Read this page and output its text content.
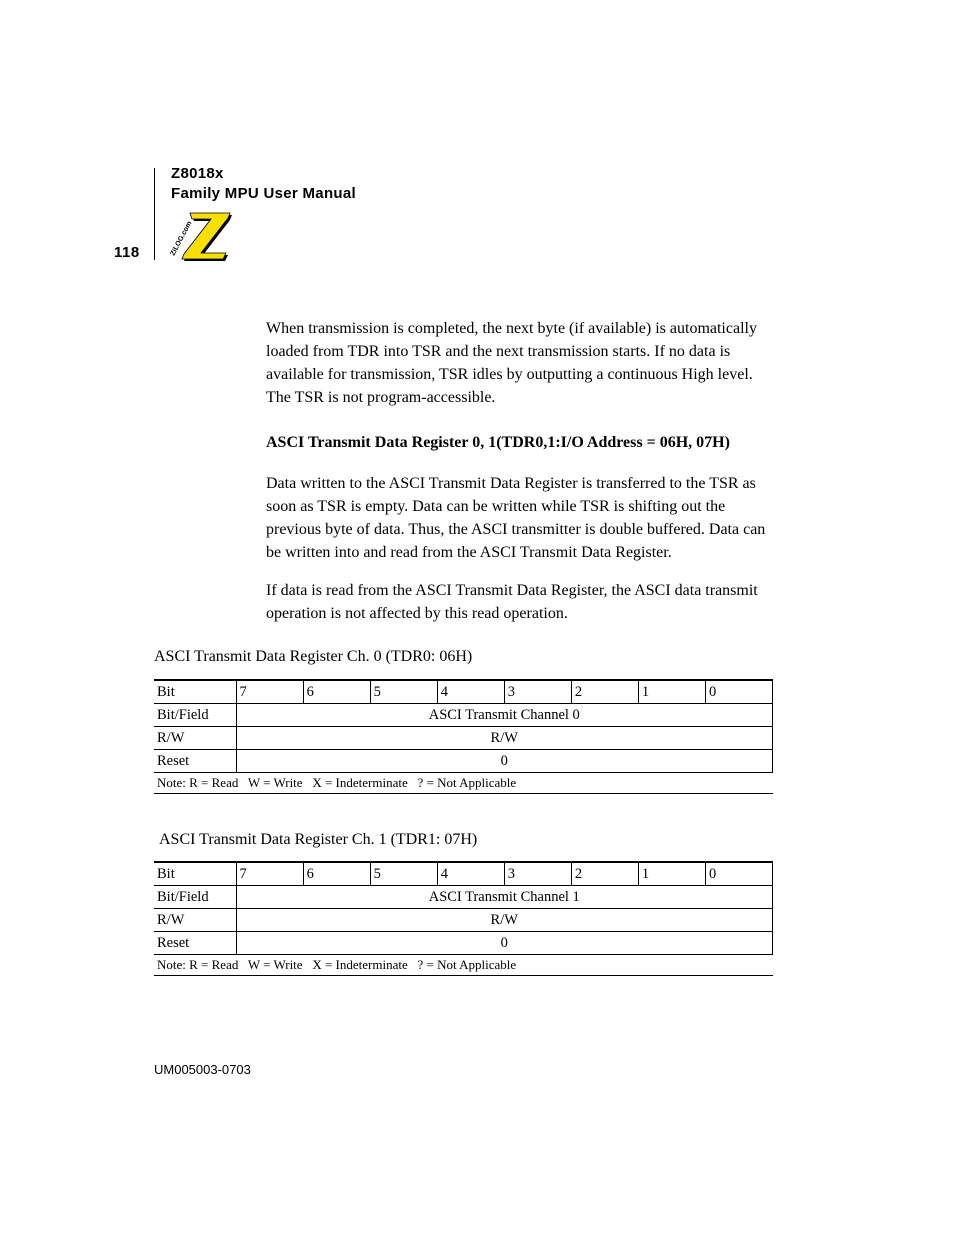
Z8018x
Family MPU User Manual
118	ZiLOG.com
When transmission is completed, the next byte (if available) is automatically loaded from TDR into TSR and the next transmission starts. If no data is available for transmission, TSR idles by outputting a continuous High level. The TSR is not program-accessible.
ASCI Transmit Data Register 0, 1(TDR0,1:I/O Address = 06H, 07H)
Data written to the ASCI Transmit Data Register is transferred to the TSR as soon as TSR is empty. Data can be written while TSR is shifting out the previous byte of data. Thus, the ASCI transmitter is double buffered. Data can be written into and read from the ASCI Transmit Data Register.
If data is read from the ASCI Transmit Data Register, the ASCI data transmit operation is not affected by this read operation.
ASCI Transmit Data Register Ch. 0 (TDR0: 06H)
Bit	7	6	5	4	3	2	1	0
Bit/Field	ASCI Transmit Channel 0							
R/W	R/W							
Reset	0							
Note: R = Read   W = Write   X = Indeterminate   ? = Not Applicable								
ASCI Transmit Data Register Ch. 1 (TDR1: 07H)
Bit	7	6	5	4	3	2	1	0
Bit/Field	ASCI Transmit Channel 1							
R/W	R/W							
Reset	0							
Note: R = Read   W = Write   X = Indeterminate   ? = Not Applicable								
UM005003-0703
